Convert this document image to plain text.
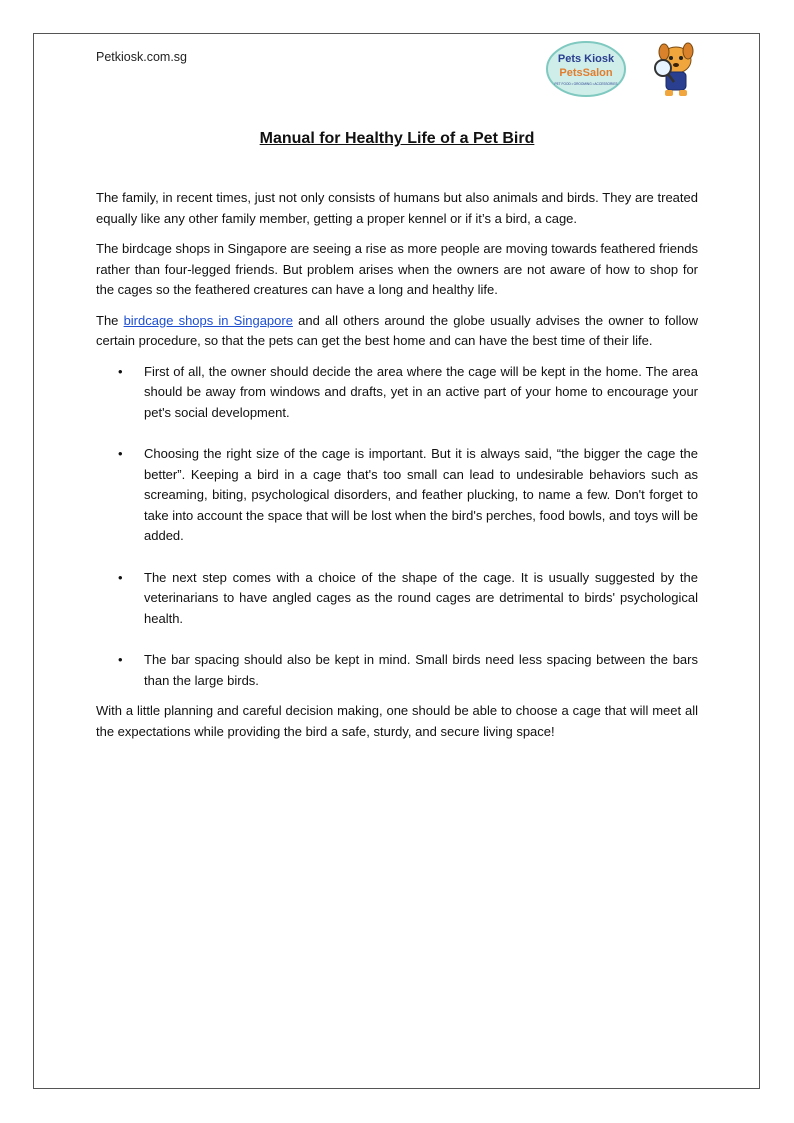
Petkiosk.com.sg	Pets Kiosk
PetsSalon
PET FOOD • GROOMING • ACCESSORIES
Manual for Healthy Life of a Pet Bird

The family, in recent times, just not only consists of humans but also animals and birds. They are treated equally like any other family member, getting a proper kennel or if it’s a bird, a cage.

The birdcage shops in Singapore are seeing a rise as more people are moving towards feathered friends rather than four-legged friends. But problem arises when the owners are not aware of how to shop for the cages so the feathered creatures can have a long and healthy life.

The birdcage shops in Singapore and all others around the globe usually advises the owner to follow certain procedure, so that the pets can get the best home and can have the best time of their life.

• First of all, the owner should decide the area where the cage will be kept in the home. The area should be away from windows and drafts, yet in an active part of your home to encourage your pet's social development.
• Choosing the right size of the cage is important. But it is always said, “the bigger the cage the better”. Keeping a bird in a cage that's too small can lead to undesirable behaviors such as screaming, biting, psychological disorders, and feather plucking, to name a few. Don't forget to take into account the space that will be lost when the bird's perches, food bowls, and toys will be added.
• The next step comes with a choice of the shape of the cage. It is usually suggested by the veterinarians to have angled cages as the round cages are detrimental to birds' psychological health.
• The bar spacing should also be kept in mind. Small birds need less spacing between the bars than the large birds.

With a little planning and careful decision making, one should be able to choose a cage that will meet all the expectations while providing the bird a safe, sturdy, and secure living space!
